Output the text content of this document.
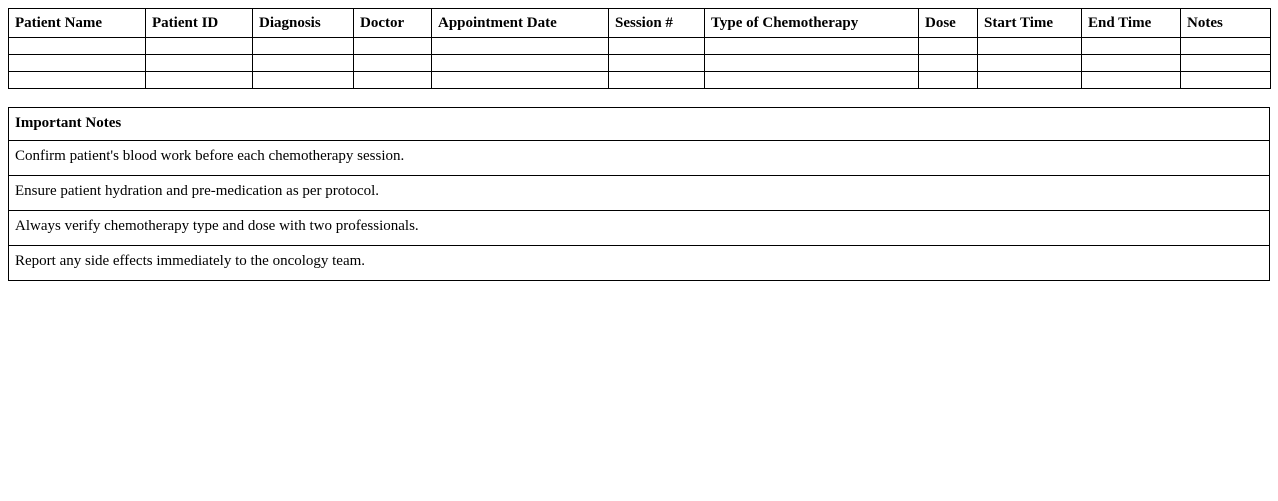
Patient Name	Patient ID	Diagnosis	Doctor	Appointment Date	Session #	Type of Chemotherapy	Dose	Start Time	End Time	Notes

Important Notes
Confirm patient's blood work before each chemotherapy session.
Ensure patient hydration and pre-medication as per protocol.
Always verify chemotherapy type and dose with two professionals.
Report any side effects immediately to the oncology team.
